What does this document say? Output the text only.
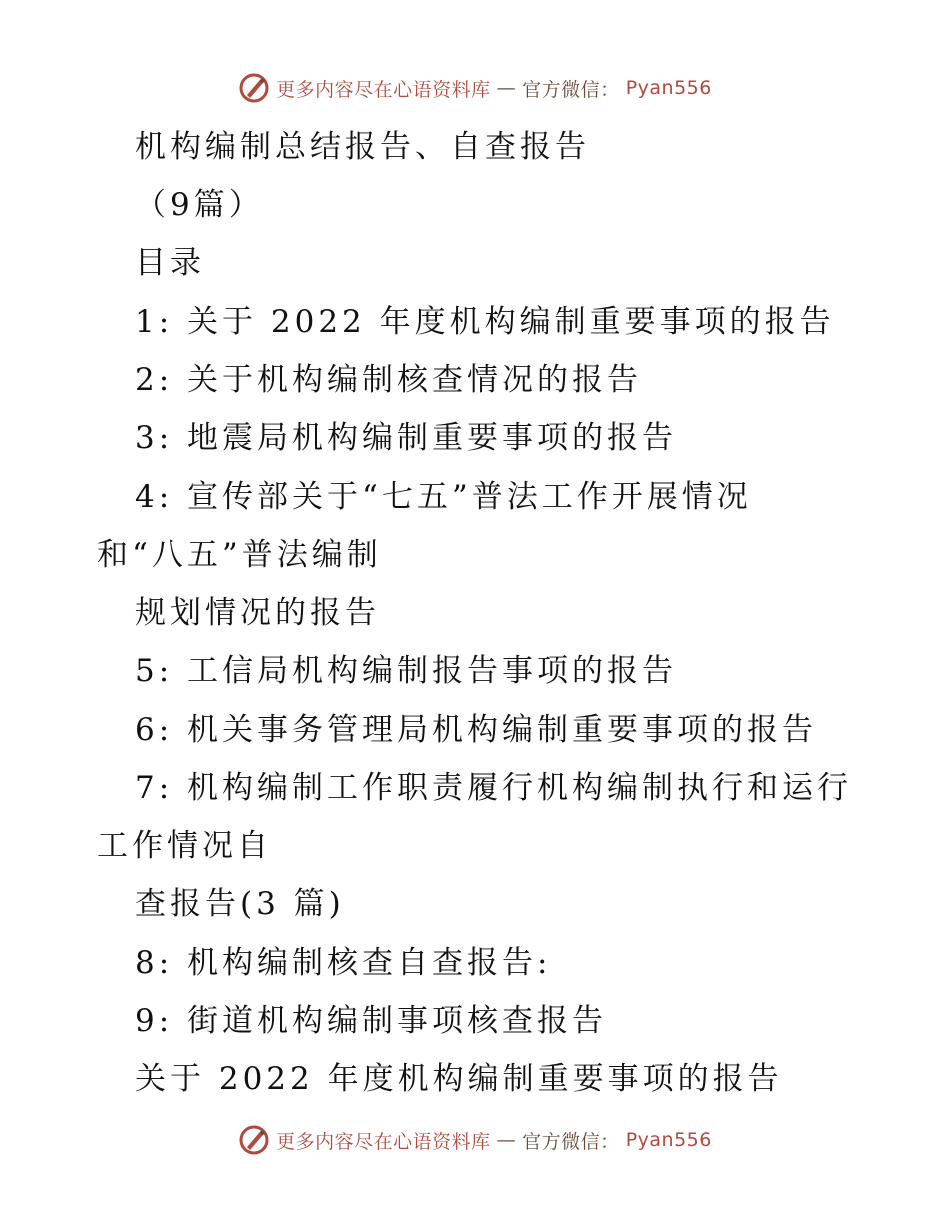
更多内容尽在心语资料库 — 官方微信： Pyan556
机构编制总结报告、自查报告
（9篇）
目录
1: 关于 2022 年度机构编制重要事项的报告
2: 关于机构编制核查情况的报告
3: 地震局机构编制重要事项的报告
4: 宣传部关于“七五”普法工作开展情况
和“八五”普法编制
规划情况的报告
5: 工信局机构编制报告事项的报告
6: 机关事务管理局机构编制重要事项的报告
7: 机构编制工作职责履行机构编制执行和运行
工作情况自
查报告(3 篇)
8: 机构编制核查自查报告:
9: 街道机构编制事项核查报告
关于 2022 年度机构编制重要事项的报告
更多内容尽在心语资料库 — 官方微信： Pyan556
